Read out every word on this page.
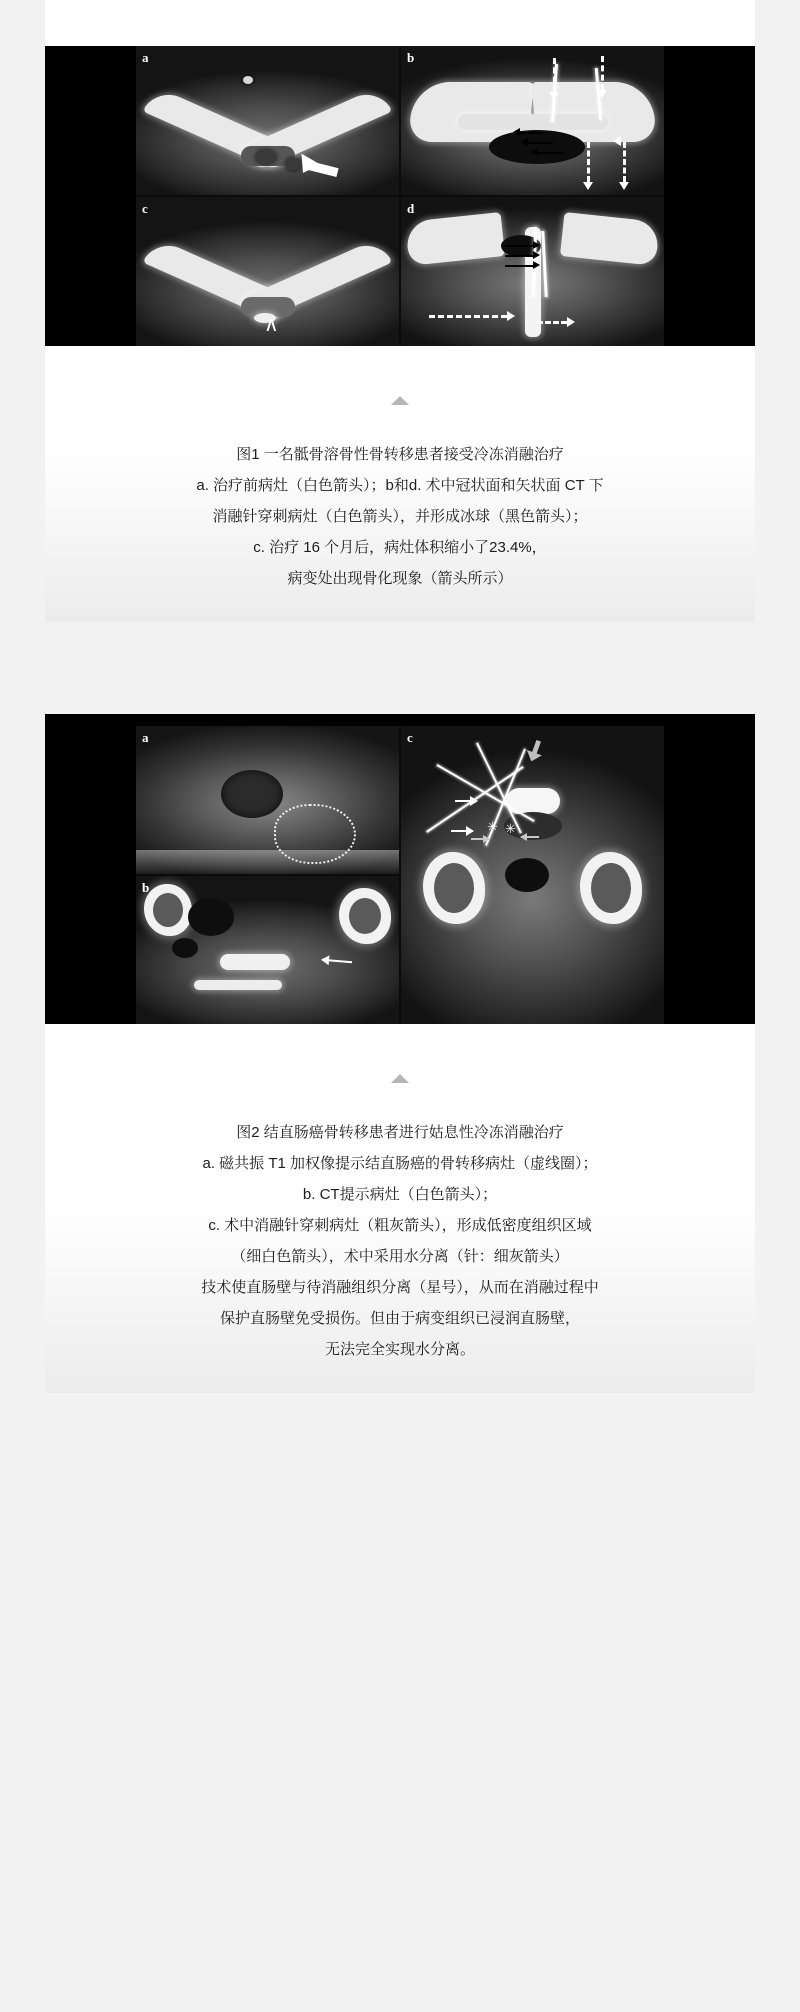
a	b
c
∧
d
图1 一名骶骨溶骨性骨转移患者接受冷冻消融治疗
a. 治疗前病灶（白色箭头）；b和d. 术中冠状面和矢状面 CT 下
消融针穿刺病灶（白色箭头），并形成冰球（黑色箭头）；
c. 治疗 16 个月后，病灶体积缩小了23.4%，
病变处出现骨化现象（箭头所示）
a	c
✳ ✳
b
图2 结直肠癌骨转移患者进行姑息性冷冻消融治疗
a. 磁共振 T1 加权像提示结直肠癌的骨转移病灶（虚线圈）；
b. CT提示病灶（白色箭头）；
c. 术中消融针穿刺病灶（粗灰箭头），形成低密度组织区域
（细白色箭头），术中采用水分离（针：细灰箭头）
技术使直肠壁与待消融组织分离（星号），从而在消融过程中
保护直肠壁免受损伤。但由于病变组织已浸润直肠壁，
无法完全实现水分离。
